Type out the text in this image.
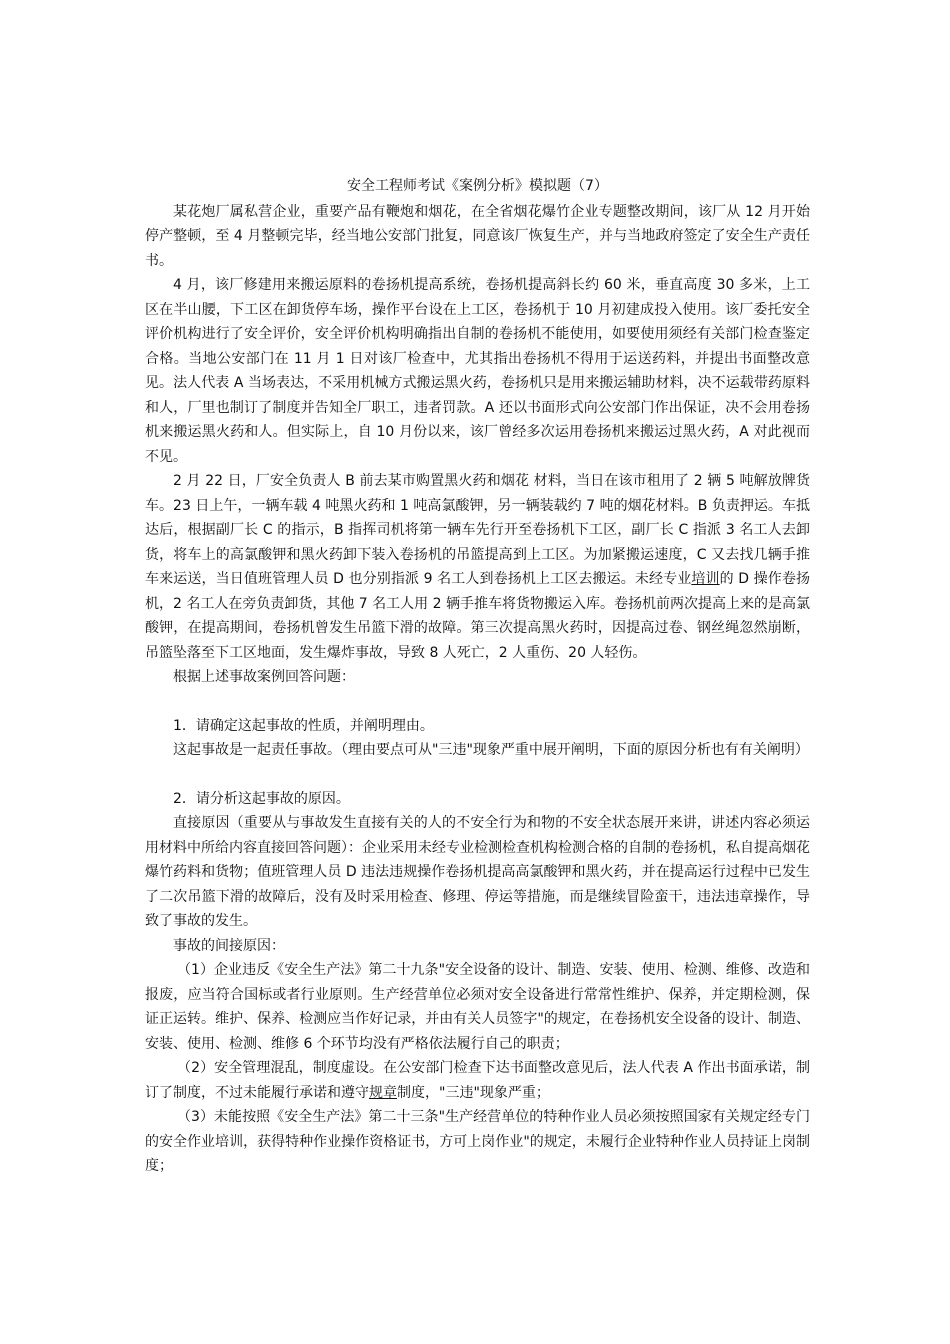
安全工程师考试《案例分析》模拟题（7）

某花炮厂属私营企业，重要产品有鞭炮和烟花，在全省烟花爆竹企业专题整改期间，该厂从 12 月开始停产整顿，至 4 月整顿完毕，经当地公安部门批复，同意该厂恢复生产，并与当地政府签定了安全生产责任书。

4 月，该厂修建用来搬运原料的卷扬机提高系统，卷扬机提高斜长约 60 米，垂直高度 30 多米，上工区在半山腰，下工区在卸货停车场，操作平台设在上工区，卷扬机于 10 月初建成投入使用。该厂委托安全评价机构进行了安全评价，安全评价机构明确指出自制的卷扬机不能使用，如要使用须经有关部门检查鉴定合格。当地公安部门在 11 月 1 日对该厂检查中，尤其指出卷扬机不得用于运送药料，并提出书面整改意见。法人代表 A 当场表达，不采用机械方式搬运黑火药，卷扬机只是用来搬运辅助材料，决不运载带药原料和人，厂里也制订了制度并告知全厂职工，违者罚款。A 还以书面形式向公安部门作出保证，决不会用卷扬机来搬运黑火药和人。但实际上，自 10 月份以来，该厂曾经多次运用卷扬机来搬运过黑火药，A 对此视而不见。

2 月 22 日，厂安全负责人 B 前去某市购置黑火药和烟花 材料，当日在该市租用了 2 辆 5 吨解放牌货车。23 日上午，一辆车载 4 吨黑火药和 1 吨高氯酸钾，另一辆装载约 7 吨的烟花材料。B 负责押运。车抵达后，根据副厂长 C 的指示，B 指挥司机将第一辆车先行开至卷扬机下工区，副厂长 C 指派 3 名工人去卸货，将车上的高氯酸钾和黑火药卸下装入卷扬机的吊篮提高到上工区。为加紧搬运速度，C 又去找几辆手推车来运送，当日值班管理人员 D 也分别指派 9 名工人到卷扬机上工区去搬运。未经专业培训的 D 操作卷扬机，2 名工人在旁负责卸货，其他 7 名工人用 2 辆手推车将货物搬运入库。卷扬机前两次提高上来的是高氯酸钾，在提高期间，卷扬机曾发生吊篮下滑的故障。第三次提高黑火药时，因提高过卷、钢丝绳忽然崩断，吊篮坠落至下工区地面，发生爆炸事故，导致 8 人死亡，2 人重伤、20 人轻伤。

根据上述事故案例回答问题：

1．请确定这起事故的性质，并阐明理由。

这起事故是一起责任事故。（理由要点可从"三违"现象严重中展开阐明，下面的原因分析也有有关阐明）

2．请分析这起事故的原因。

直接原因（重要从与事故发生直接有关的人的不安全行为和物的不安全状态展开来讲，讲述内容必须运用材料中所给内容直接回答问题）：企业采用未经专业检测检查机构检测合格的自制的卷扬机，私自提高烟花爆竹药料和货物；值班管理人员 D 违法违规操作卷扬机提高高氯酸钾和黑火药，并在提高运行过程中已发生了二次吊篮下滑的故障后，没有及时采用检查、修理、停运等措施，而是继续冒险蛮干，违法违章操作，导致了事故的发生。

事故的间接原因：

（1）企业违反《安全生产法》第二十九条"安全设备的设计、制造、安装、使用、检测、维修、改造和报废，应当符合国标或者行业原则。生产经营单位必须对安全设备进行常常性维护、保养，并定期检测，保证正运转。维护、保养、检测应当作好记录，并由有关人员签字"的规定，在卷扬机安全设备的设计、制造、安装、使用、检测、维修 6 个环节均没有严格依法履行自己的职责；

（2）安全管理混乱，制度虚设。在公安部门检查下达书面整改意见后，法人代表 A 作出书面承诺，制订了制度，不过未能履行承诺和遵守规章制度，"三违"现象严重；

（3）未能按照《安全生产法》第二十三条"生产经营单位的特种作业人员必须按照国家有关规定经专门的安全作业培训，获得特种作业操作资格证书，方可上岗作业"的规定，未履行企业特种作业人员持证上岗制度；
